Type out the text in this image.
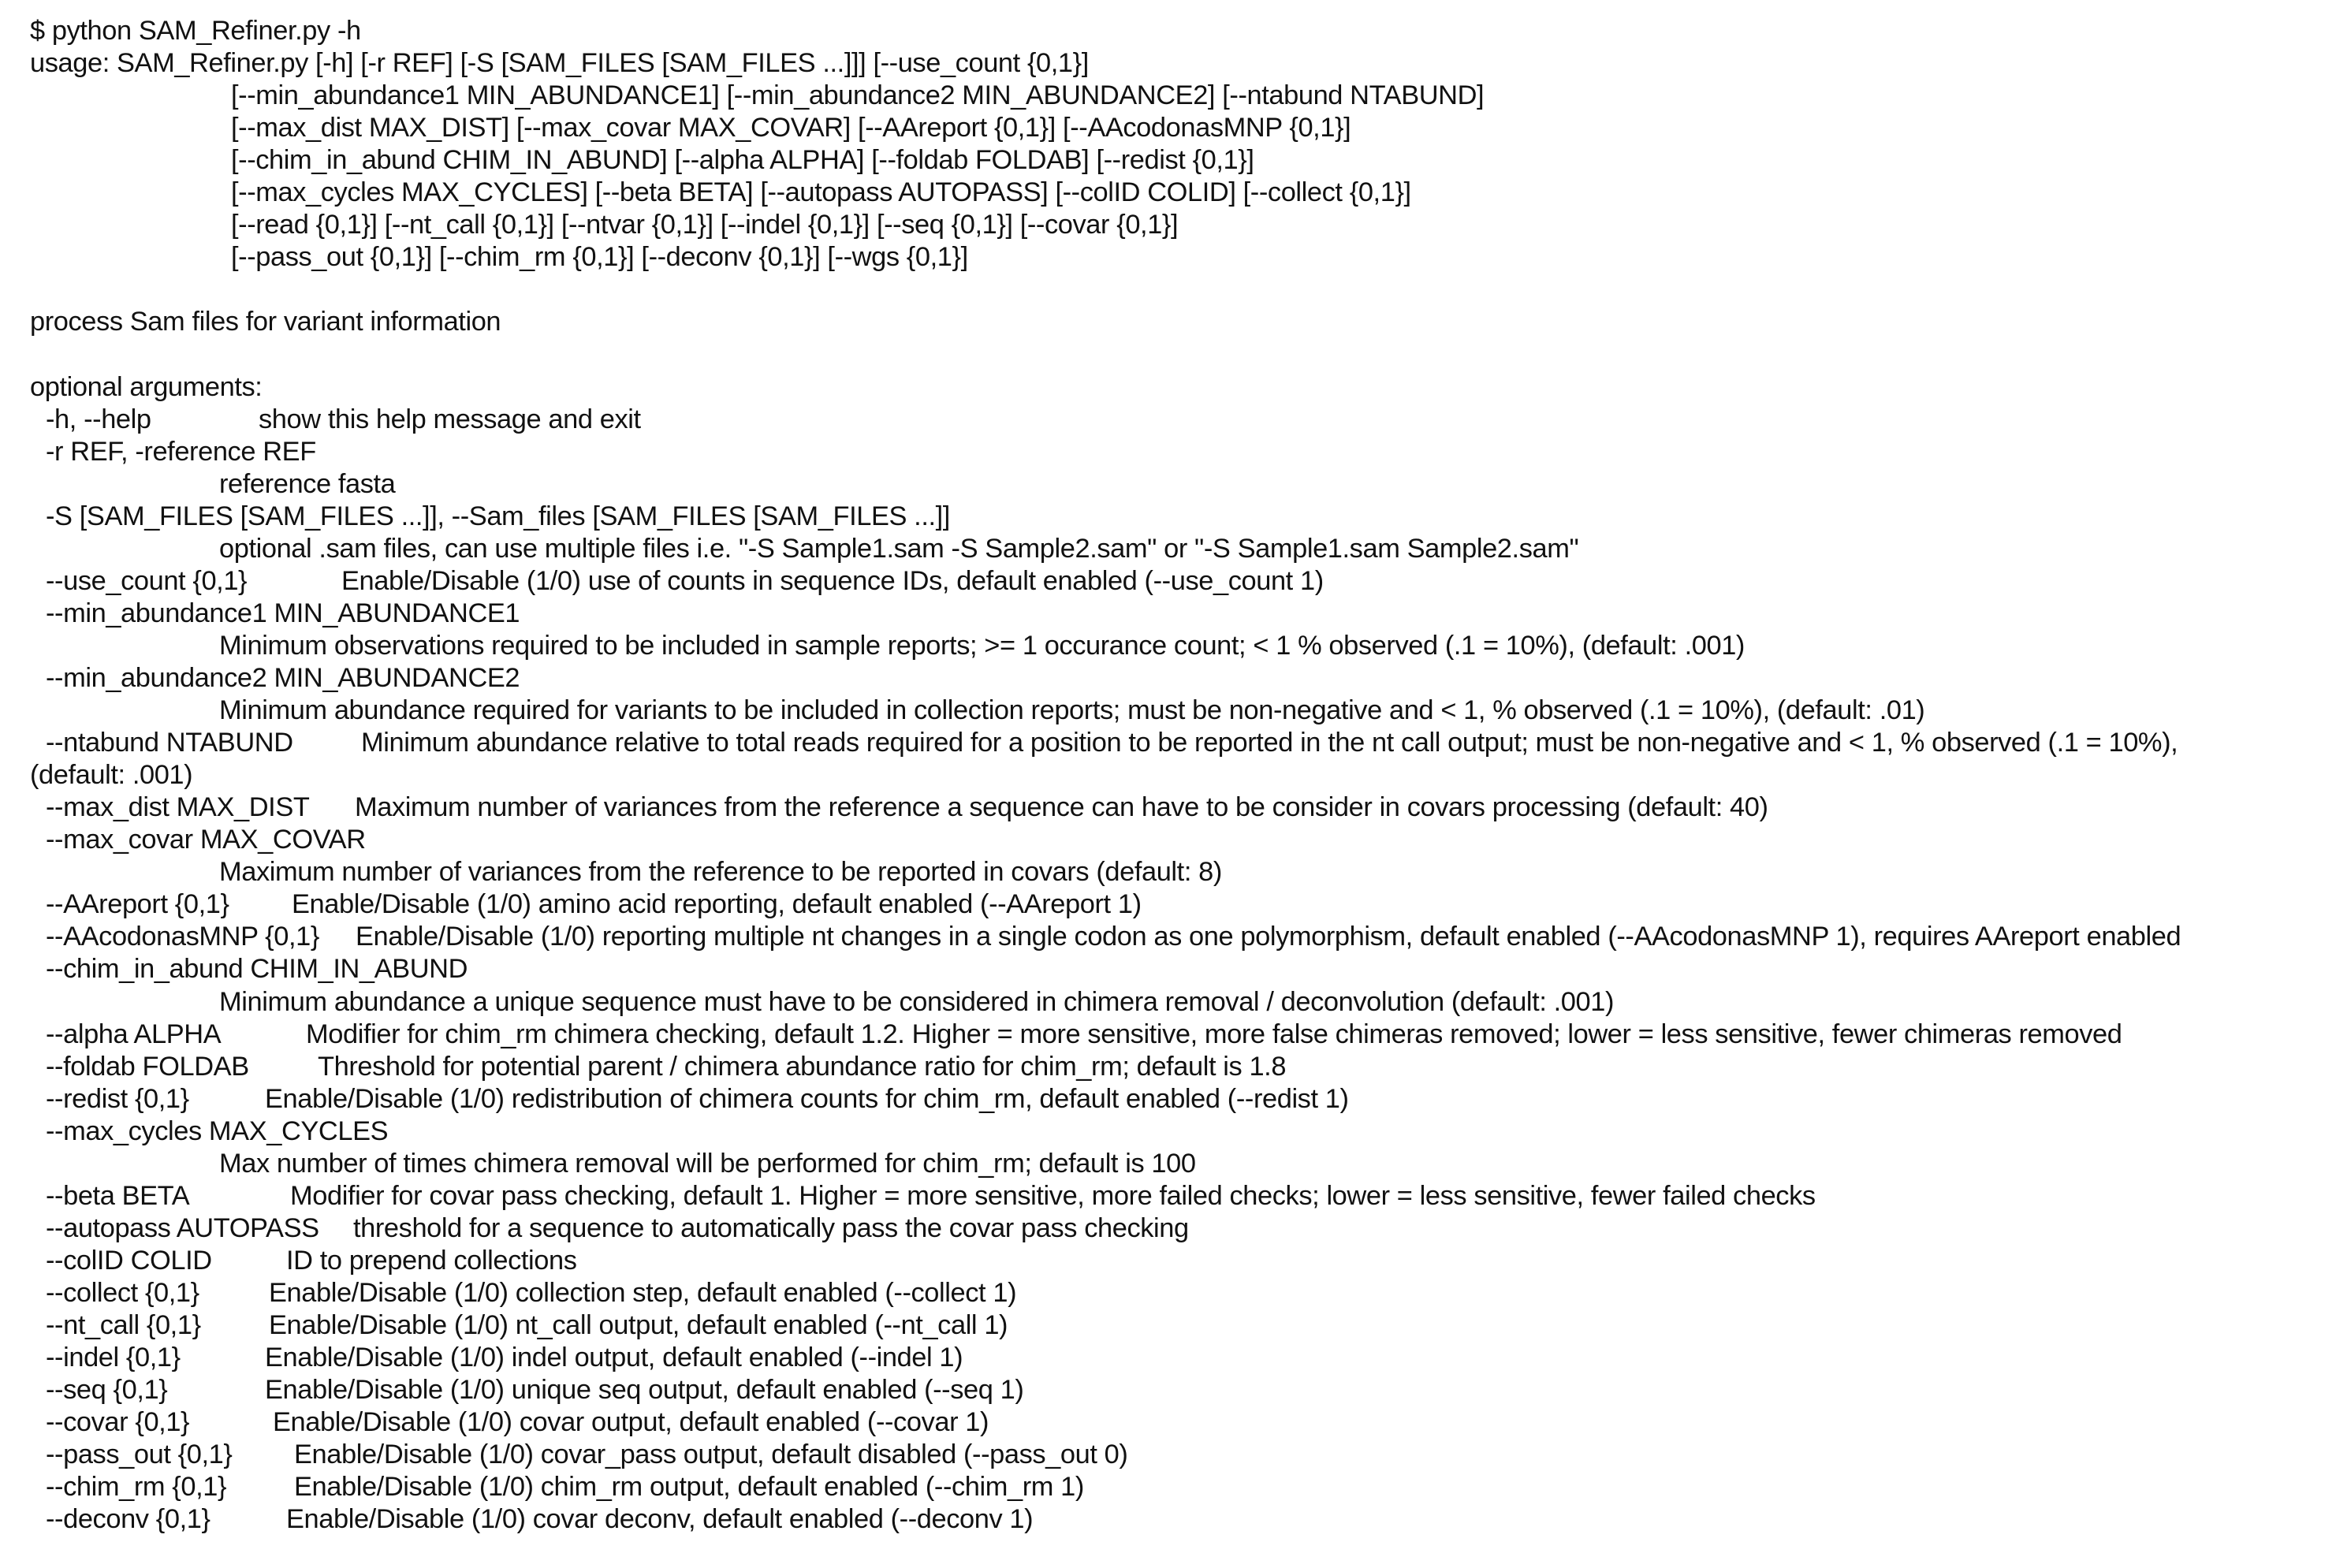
$ python SAM_Refiner.py -h
usage: SAM_Refiner.py [-h] [-r REF] [-S [SAM_FILES [SAM_FILES ...]]] [--use_count {0,1}]
[--min_abundance1 MIN_ABUNDANCE1] [--min_abundance2 MIN_ABUNDANCE2] [--ntabund NTABUND]
[--max_dist MAX_DIST] [--max_covar MAX_COVAR] [--AAreport {0,1}] [--AAcodonasMNP {0,1}]
[--chim_in_abund CHIM_IN_ABUND] [--alpha ALPHA] [--foldab FOLDAB] [--redist {0,1}]
[--max_cycles MAX_CYCLES] [--beta BETA] [--autopass AUTOPASS] [--colID COLID] [--collect {0,1}]
[--read {0,1}] [--nt_call {0,1}] [--ntvar {0,1}] [--indel {0,1}] [--seq {0,1}] [--covar {0,1}]
[--pass_out {0,1}] [--chim_rm {0,1}] [--deconv {0,1}] [--wgs {0,1}]
process Sam files for variant information
optional arguments:
-h, --help	show this help message and exit
-r REF, -reference REF
reference fasta
-S [SAM_FILES [SAM_FILES ...]], --Sam_files [SAM_FILES [SAM_FILES ...]]
optional .sam files, can use multiple files i.e. "-S Sample1.sam -S Sample2.sam" or "-S Sample1.sam Sample2.sam"
--use_count {0,1}	Enable/Disable (1/0) use of counts in sequence IDs, default enabled (--use_count 1)
--min_abundance1 MIN_ABUNDANCE1
Minimum observations required to be included in sample reports; >= 1 occurance count; < 1 % observed (.1 = 10%), (default: .001)
--min_abundance2 MIN_ABUNDANCE2
Minimum abundance required for variants to be included in collection reports; must be non-negative and < 1, % observed (.1 = 10%), (default: .01)
--ntabund NTABUND	Minimum abundance relative to total reads required for a position to be reported in the nt call output; must be non-negative and < 1, % observed (.1 = 10%),
(default: .001)
--max_dist MAX_DIST Maximum number of variances from the reference a sequence can have to be consider in covars processing (default: 40)
--max_covar MAX_COVAR
Maximum number of variances from the reference to be reported in covars (default: 8)
--AAreport {0,1} Enable/Disable (1/0) amino acid reporting, default enabled (--AAreport 1)
--AAcodonasMNP {0,1} Enable/Disable (1/0) reporting multiple nt changes in a single codon as one polymorphism, default enabled (--AAcodonasMNP 1), requires AAreport enabled
--chim_in_abund CHIM_IN_ABUND
Minimum abundance a unique sequence must have to be considered in chimera removal / deconvolution (default: .001)
--alpha ALPHA	Modifier for chim_rm chimera checking, default 1.2. Higher = more sensitive, more false chimeras removed; lower = less sensitive, fewer chimeras removed
--foldab FOLDAB	Threshold for potential parent / chimera abundance ratio for chim_rm; default is 1.8
--redist {0,1}	Enable/Disable (1/0) redistribution of chimera counts for chim_rm, default enabled (--redist 1)
--max_cycles MAX_CYCLES
Max number of times chimera removal will be performed for chim_rm; default is 100
--beta BETA	Modifier for covar pass checking, default 1. Higher = more sensitive, more failed checks; lower = less sensitive, fewer failed checks
--autopass AUTOPASS threshold for a sequence to automatically pass the covar pass checking
--colID COLID	ID to prepend collections
--collect {0,1}	Enable/Disable (1/0) collection step, default enabled (--collect 1)
--nt_call {0,1}	Enable/Disable (1/0) nt_call output, default enabled (--nt_call 1)
--indel {0,1}	Enable/Disable (1/0) indel output, default enabled (--indel 1)
--seq {0,1}	Enable/Disable (1/0) unique seq output, default enabled (--seq 1)
--covar {0,1}	Enable/Disable (1/0) covar output, default enabled (--covar 1)
--pass_out {0,1} Enable/Disable (1/0) covar_pass output, default disabled (--pass_out 0)
--chim_rm {0,1} Enable/Disable (1/0) chim_rm output, default enabled (--chim_rm 1)
--deconv {0,1}	Enable/Disable (1/0) covar deconv, default enabled (--deconv 1)
